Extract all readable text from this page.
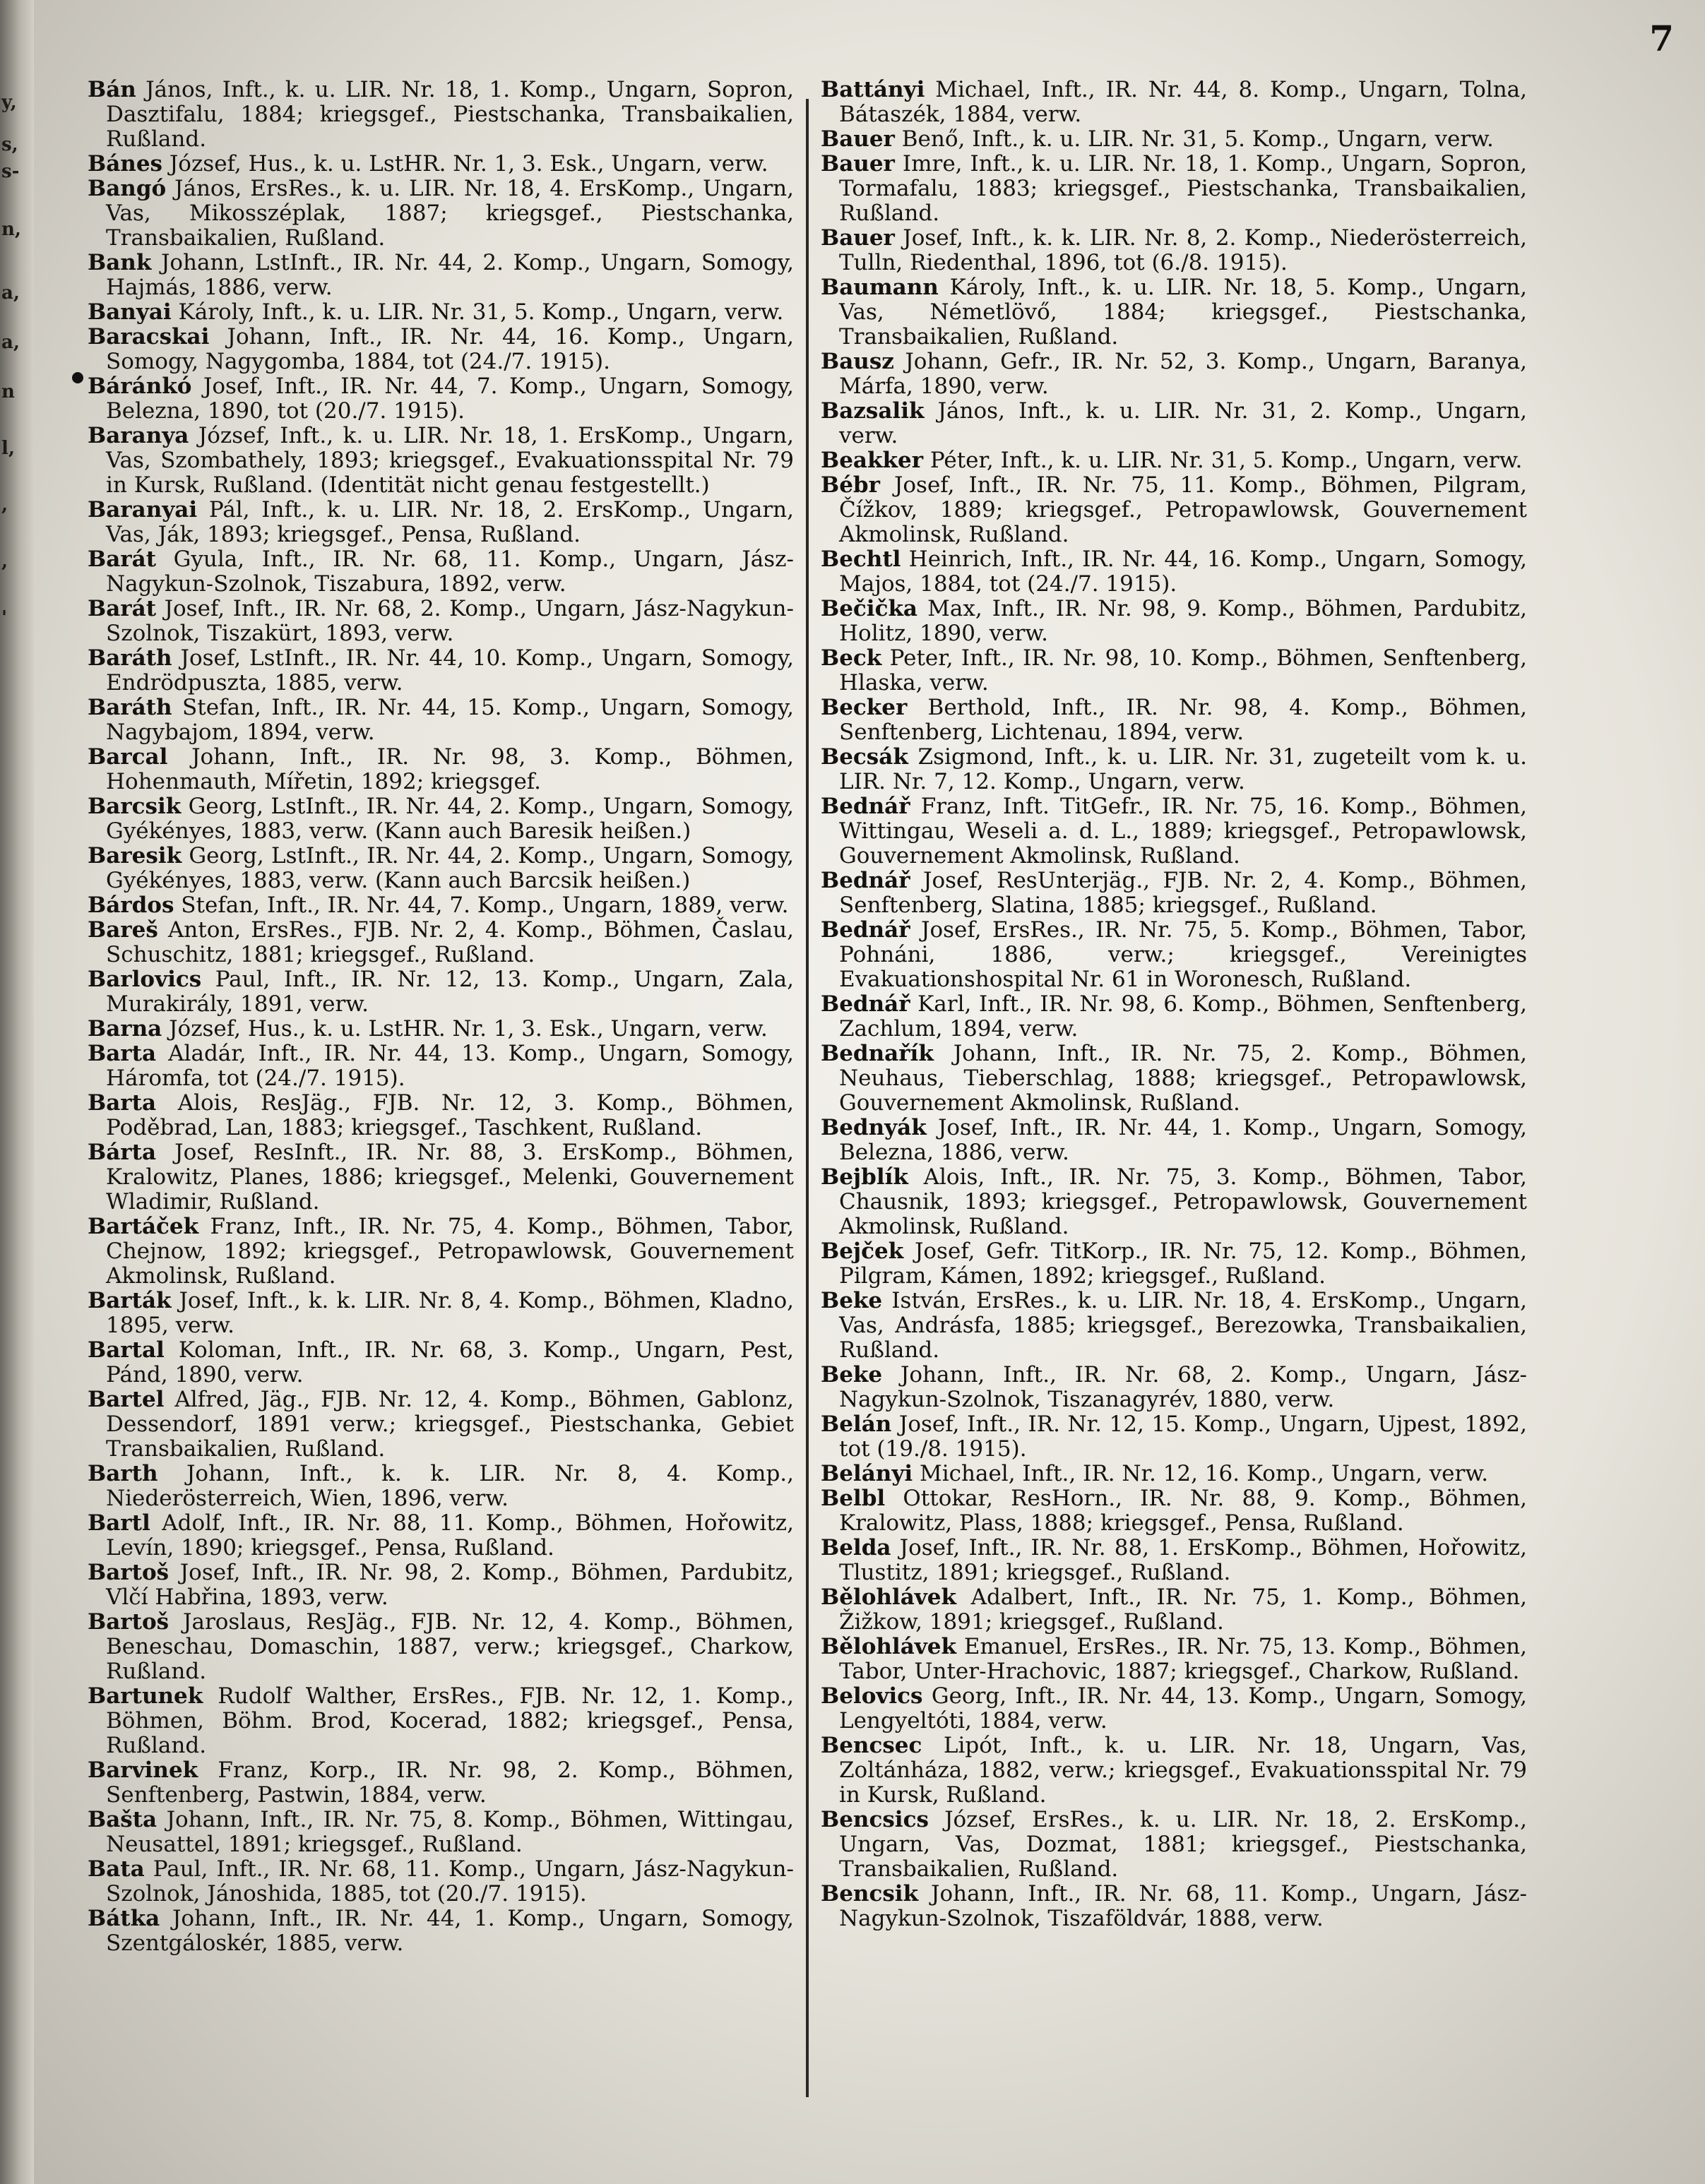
y,
s,
s-
n,
a,
a,
n
l,
,
,
'
7

Bán János, Inft., k. u. LIR. Nr. 18, 1. Komp., Ungarn, Sopron, Dasztifalu, 1884; kriegsgef., Piestschanka, Transbaikalien, Rußland.

Bánes József, Hus., k. u. LstHR. Nr. 1, 3. Esk., Ungarn, verw.

Bangó János, ErsRes., k. u. LIR. Nr. 18, 4. ErsKomp., Ungarn, Vas, Mikosszéplak, 1887; kriegsgef., Piestschanka, Transbaikalien, Rußland.

Bank Johann, LstInft., IR. Nr. 44, 2. Komp., Ungarn, Somogy, Hajmás, 1886, verw.

Banyai Károly, Inft., k. u. LIR. Nr. 31, 5. Komp., Ungarn, verw.

Baracskai Johann, Inft., IR. Nr. 44, 16. Komp., Ungarn, Somogy, Nagygomba, 1884, tot (24./7. 1915).

Báránkó Josef, Inft., IR. Nr. 44, 7. Komp., Ungarn, Somogy, Belezna, 1890, tot (20./7. 1915).

Baranya József, Inft., k. u. LIR. Nr. 18, 1. ErsKomp., Ungarn, Vas, Szombathely, 1893; kriegsgef., Evakuationsspital Nr. 79 in Kursk, Rußland. (Identität nicht genau festgestellt.)

Baranyai Pál, Inft., k. u. LIR. Nr. 18, 2. ErsKomp., Ungarn, Vas, Ják, 1893; kriegsgef., Pensa, Rußland.

Barát Gyula, Inft., IR. Nr. 68, 11. Komp., Ungarn, Jász-Nagykun-Szolnok, Tiszabura, 1892, verw.

Barát Josef, Inft., IR. Nr. 68, 2. Komp., Ungarn, Jász-Nagykun-Szolnok, Tiszakürt, 1893, verw.

Baráth Josef, LstInft., IR. Nr. 44, 10. Komp., Ungarn, Somogy, Endrödpuszta, 1885, verw.

Baráth Stefan, Inft., IR. Nr. 44, 15. Komp., Ungarn, Somogy, Nagybajom, 1894, verw.

Barcal Johann, Inft., IR. Nr. 98, 3. Komp., Böhmen, Hohenmauth, Mířetin, 1892; kriegsgef.

Barcsik Georg, LstInft., IR. Nr. 44, 2. Komp., Ungarn, Somogy, Gyékényes, 1883, verw. (Kann auch Baresik heißen.)

Baresik Georg, LstInft., IR. Nr. 44, 2. Komp., Ungarn, Somogy, Gyékényes, 1883, verw. (Kann auch Barcsik heißen.)

Bárdos Stefan, Inft., IR. Nr. 44, 7. Komp., Ungarn, 1889, verw.

Bareš Anton, ErsRes., FJB. Nr. 2, 4. Komp., Böhmen, Časlau, Schuschitz, 1881; kriegsgef., Rußland.

Barlovics Paul, Inft., IR. Nr. 12, 13. Komp., Ungarn, Zala, Murakirály, 1891, verw.

Barna József, Hus., k. u. LstHR. Nr. 1, 3. Esk., Ungarn, verw.

Barta Aladár, Inft., IR. Nr. 44, 13. Komp., Ungarn, Somogy, Háromfa, tot (24./7. 1915).

Barta Alois, ResJäg., FJB. Nr. 12, 3. Komp., Böhmen, Poděbrad, Lan, 1883; kriegsgef., Taschkent, Rußland.

Bárta Josef, ResInft., IR. Nr. 88, 3. ErsKomp., Böhmen, Kralowitz, Planes, 1886; kriegsgef., Melenki, Gouvernement Wladimir, Rußland.

Bartáček Franz, Inft., IR. Nr. 75, 4. Komp., Böhmen, Tabor, Chejnow, 1892; kriegsgef., Petropawlowsk, Gouvernement Akmolinsk, Rußland.

Barták Josef, Inft., k. k. LIR. Nr. 8, 4. Komp., Böhmen, Kladno, 1895, verw.

Bartal Koloman, Inft., IR. Nr. 68, 3. Komp., Ungarn, Pest, Pánd, 1890, verw.

Bartel Alfred, Jäg., FJB. Nr. 12, 4. Komp., Böhmen, Gablonz, Dessendorf, 1891 verw.; kriegsgef., Piestschanka, Gebiet Transbaikalien, Rußland.

Barth Johann, Inft., k. k. LIR. Nr. 8, 4. Komp., Niederösterreich, Wien, 1896, verw.

Bartl Adolf, Inft., IR. Nr. 88, 11. Komp., Böhmen, Hořowitz, Levín, 1890; kriegsgef., Pensa, Rußland.

Bartoš Josef, Inft., IR. Nr. 98, 2. Komp., Böhmen, Pardubitz, Vlčí Habřina, 1893, verw.

Bartoš Jaroslaus, ResJäg., FJB. Nr. 12, 4. Komp., Böhmen, Beneschau, Domaschin, 1887, verw.; kriegsgef., Charkow, Rußland.

Bartunek Rudolf Walther, ErsRes., FJB. Nr. 12, 1. Komp., Böhmen, Böhm. Brod, Kocerad, 1882; kriegsgef., Pensa, Rußland.

Barvinek Franz, Korp., IR. Nr. 98, 2. Komp., Böhmen, Senftenberg, Pastwin, 1884, verw.

Bašta Johann, Inft., IR. Nr. 75, 8. Komp., Böhmen, Wittingau, Neusattel, 1891; kriegsgef., Rußland.

Bata Paul, Inft., IR. Nr. 68, 11. Komp., Ungarn, Jász-Nagykun-Szolnok, Jánoshida, 1885, tot (20./7. 1915).

Bátka Johann, Inft., IR. Nr. 44, 1. Komp., Ungarn, Somogy, Szentgáloskér, 1885, verw.

Battányi Michael, Inft., IR. Nr. 44, 8. Komp., Ungarn, Tolna, Bátaszék, 1884, verw.

Bauer Benő, Inft., k. u. LIR. Nr. 31, 5. Komp., Ungarn, verw.

Bauer Imre, Inft., k. u. LIR. Nr. 18, 1. Komp., Ungarn, Sopron, Tormafalu, 1883; kriegsgef., Piestschanka, Transbaikalien, Rußland.

Bauer Josef, Inft., k. k. LIR. Nr. 8, 2. Komp., Niederösterreich, Tulln, Riedenthal, 1896, tot (6./8. 1915).

Baumann Károly, Inft., k. u. LIR. Nr. 18, 5. Komp., Ungarn, Vas, Németlövő, 1884; kriegsgef., Piestschanka, Transbaikalien, Rußland.

Bausz Johann, Gefr., IR. Nr. 52, 3. Komp., Ungarn, Baranya, Márfa, 1890, verw.

Bazsalik János, Inft., k. u. LIR. Nr. 31, 2. Komp., Ungarn, verw.

Beakker Péter, Inft., k. u. LIR. Nr. 31, 5. Komp., Ungarn, verw.

Bébr Josef, Inft., IR. Nr. 75, 11. Komp., Böhmen, Pilgram, Čížkov, 1889; kriegsgef., Petropawlowsk, Gouvernement Akmolinsk, Rußland.

Bechtl Heinrich, Inft., IR. Nr. 44, 16. Komp., Ungarn, Somogy, Majos, 1884, tot (24./7. 1915).

Bečička Max, Inft., IR. Nr. 98, 9. Komp., Böhmen, Pardubitz, Holitz, 1890, verw.

Beck Peter, Inft., IR. Nr. 98, 10. Komp., Böhmen, Senftenberg, Hlaska, verw.

Becker Berthold, Inft., IR. Nr. 98, 4. Komp., Böhmen, Senftenberg, Lichtenau, 1894, verw.

Becsák Zsigmond, Inft., k. u. LIR. Nr. 31, zugeteilt vom k. u. LIR. Nr. 7, 12. Komp., Ungarn, verw.

Bednář Franz, Inft. TitGefr., IR. Nr. 75, 16. Komp., Böhmen, Wittingau, Weseli a. d. L., 1889; kriegsgef., Petropawlowsk, Gouvernement Akmolinsk, Rußland.

Bednář Josef, ResUnterjäg., FJB. Nr. 2, 4. Komp., Böhmen, Senftenberg, Slatina, 1885; kriegsgef., Rußland.

Bednář Josef, ErsRes., IR. Nr. 75, 5. Komp., Böhmen, Tabor, Pohnáni, 1886, verw.; kriegsgef., Vereinigtes Evakuationshospital Nr. 61 in Woronesch, Rußland.

Bednář Karl, Inft., IR. Nr. 98, 6. Komp., Böhmen, Senftenberg, Zachlum, 1894, verw.

Bednařík Johann, Inft., IR. Nr. 75, 2. Komp., Böhmen, Neuhaus, Tieberschlag, 1888; kriegsgef., Petropawlowsk, Gouvernement Akmolinsk, Rußland.

Bednyák Josef, Inft., IR. Nr. 44, 1. Komp., Ungarn, Somogy, Belezna, 1886, verw.

Bejblík Alois, Inft., IR. Nr. 75, 3. Komp., Böhmen, Tabor, Chausnik, 1893; kriegsgef., Petropawlowsk, Gouvernement Akmolinsk, Rußland.

Bejček Josef, Gefr. TitKorp., IR. Nr. 75, 12. Komp., Böhmen, Pilgram, Kámen, 1892; kriegsgef., Rußland.

Beke István, ErsRes., k. u. LIR. Nr. 18, 4. ErsKomp., Ungarn, Vas, Andrásfa, 1885; kriegsgef., Berezowka, Transbaikalien, Rußland.

Beke Johann, Inft., IR. Nr. 68, 2. Komp., Ungarn, Jász-Nagykun-Szolnok, Tiszanagyrév, 1880, verw.

Belán Josef, Inft., IR. Nr. 12, 15. Komp., Ungarn, Ujpest, 1892, tot (19./8. 1915).

Belányi Michael, Inft., IR. Nr. 12, 16. Komp., Ungarn, verw.

Belbl Ottokar, ResHorn., IR. Nr. 88, 9. Komp., Böhmen, Kralowitz, Plass, 1888; kriegsgef., Pensa, Rußland.

Belda Josef, Inft., IR. Nr. 88, 1. ErsKomp., Böhmen, Hořowitz, Tlustitz, 1891; kriegsgef., Rußland.

Bělohlávek Adalbert, Inft., IR. Nr. 75, 1. Komp., Böhmen, Žižkow, 1891; kriegsgef., Rußland.

Bělohlávek Emanuel, ErsRes., IR. Nr. 75, 13. Komp., Böhmen, Tabor, Unter-Hrachovic, 1887; kriegsgef., Charkow, Rußland.

Belovics Georg, Inft., IR. Nr. 44, 13. Komp., Ungarn, Somogy, Lengyeltóti, 1884, verw.

Bencsec Lipót, Inft., k. u. LIR. Nr. 18, Ungarn, Vas, Zoltánháza, 1882, verw.; kriegsgef., Evakuationsspital Nr. 79 in Kursk, Rußland.

Bencsics József, ErsRes., k. u. LIR. Nr. 18, 2. ErsKomp., Ungarn, Vas, Dozmat, 1881; kriegsgef., Piestschanka, Transbaikalien, Rußland.

Bencsik Johann, Inft., IR. Nr. 68, 11. Komp., Ungarn, Jász-Nagykun-Szolnok, Tiszaföldvár, 1888, verw.
